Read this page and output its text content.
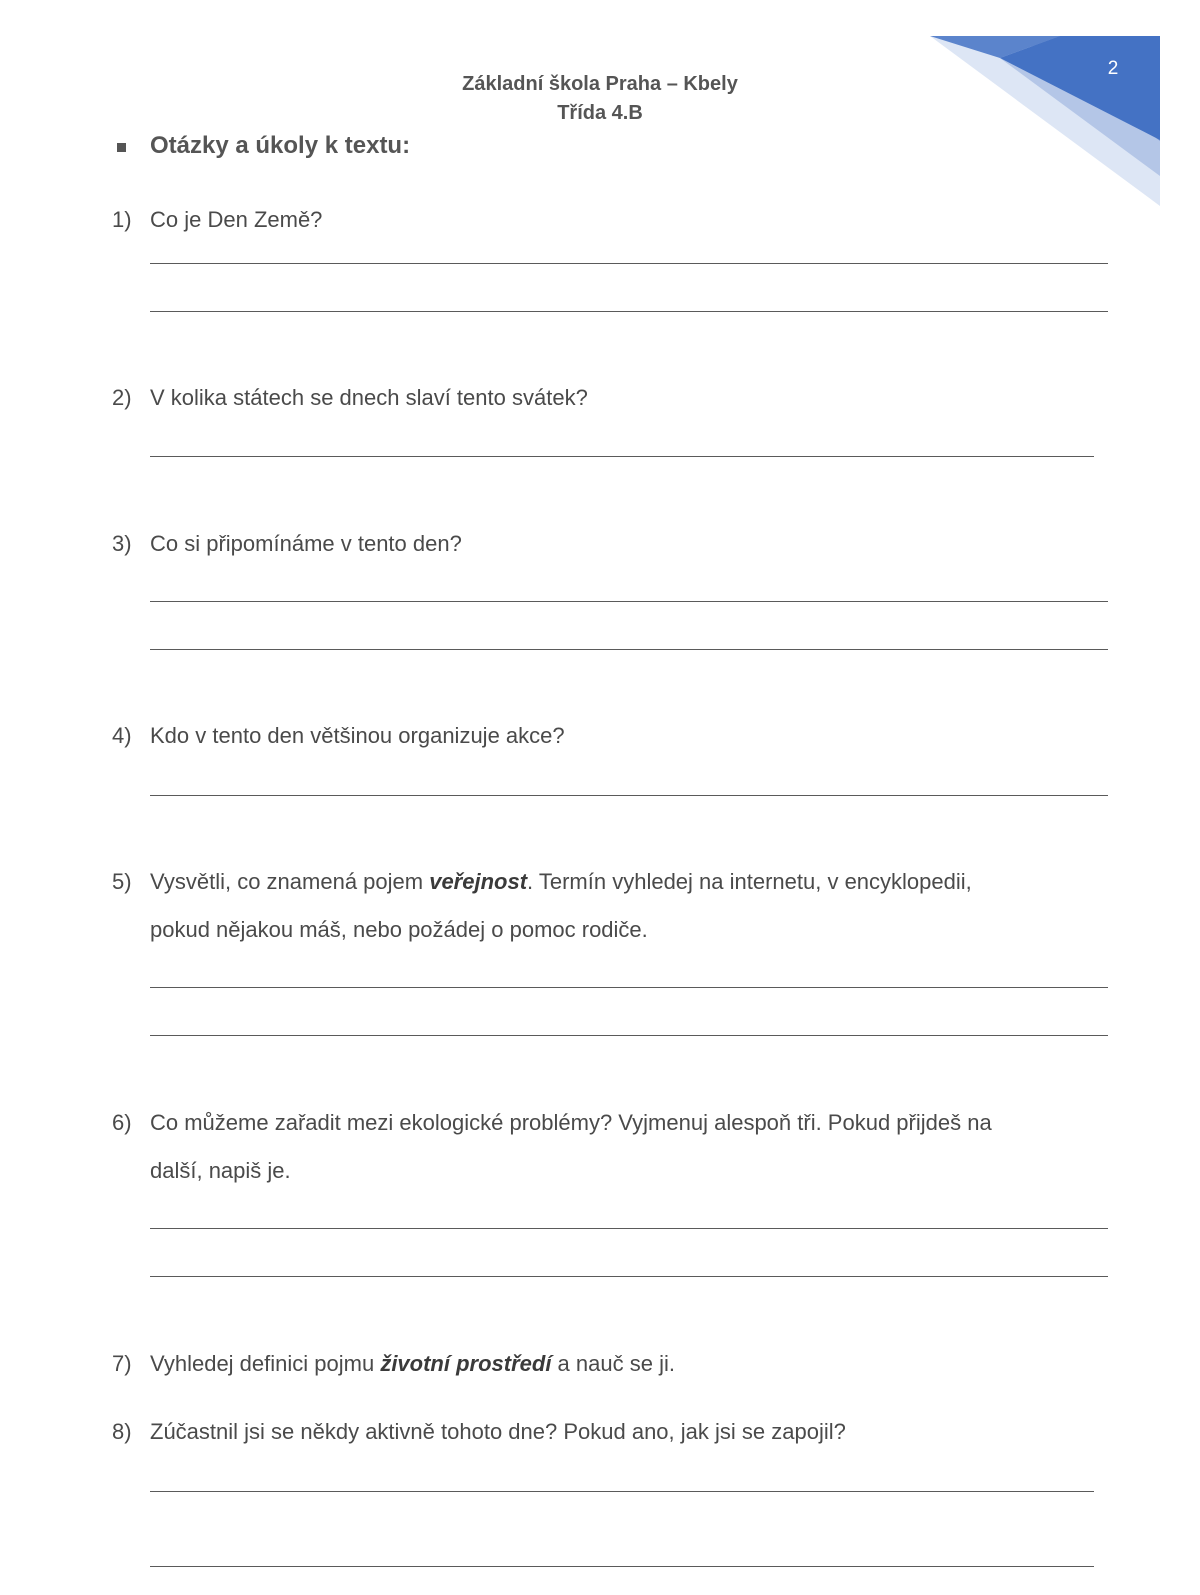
Základní škola Praha – Kbely
Třída 4.B
2
Otázky a úkoly k textu:
1) Co je Den Země?
2) V kolika státech se dnech slaví tento svátek?
3) Co si připomínáme v tento den?
4) Kdo v tento den většinou organizuje akce?
5) Vysvětli, co znamená pojem veřejnost. Termín vyhledej na internetu, v encyklopedii,
pokud nějakou máš, nebo požádej o pomoc rodiče.
6) Co můžeme zařadit mezi ekologické problémy? Vyjmenuj alespoň tři. Pokud přijdeš na
další, napiš je.
7) Vyhledej definici pojmu životní prostředí a nauč se ji.
8) Zúčastnil jsi se někdy aktivně tohoto dne? Pokud ano, jak jsi se zapojil?
